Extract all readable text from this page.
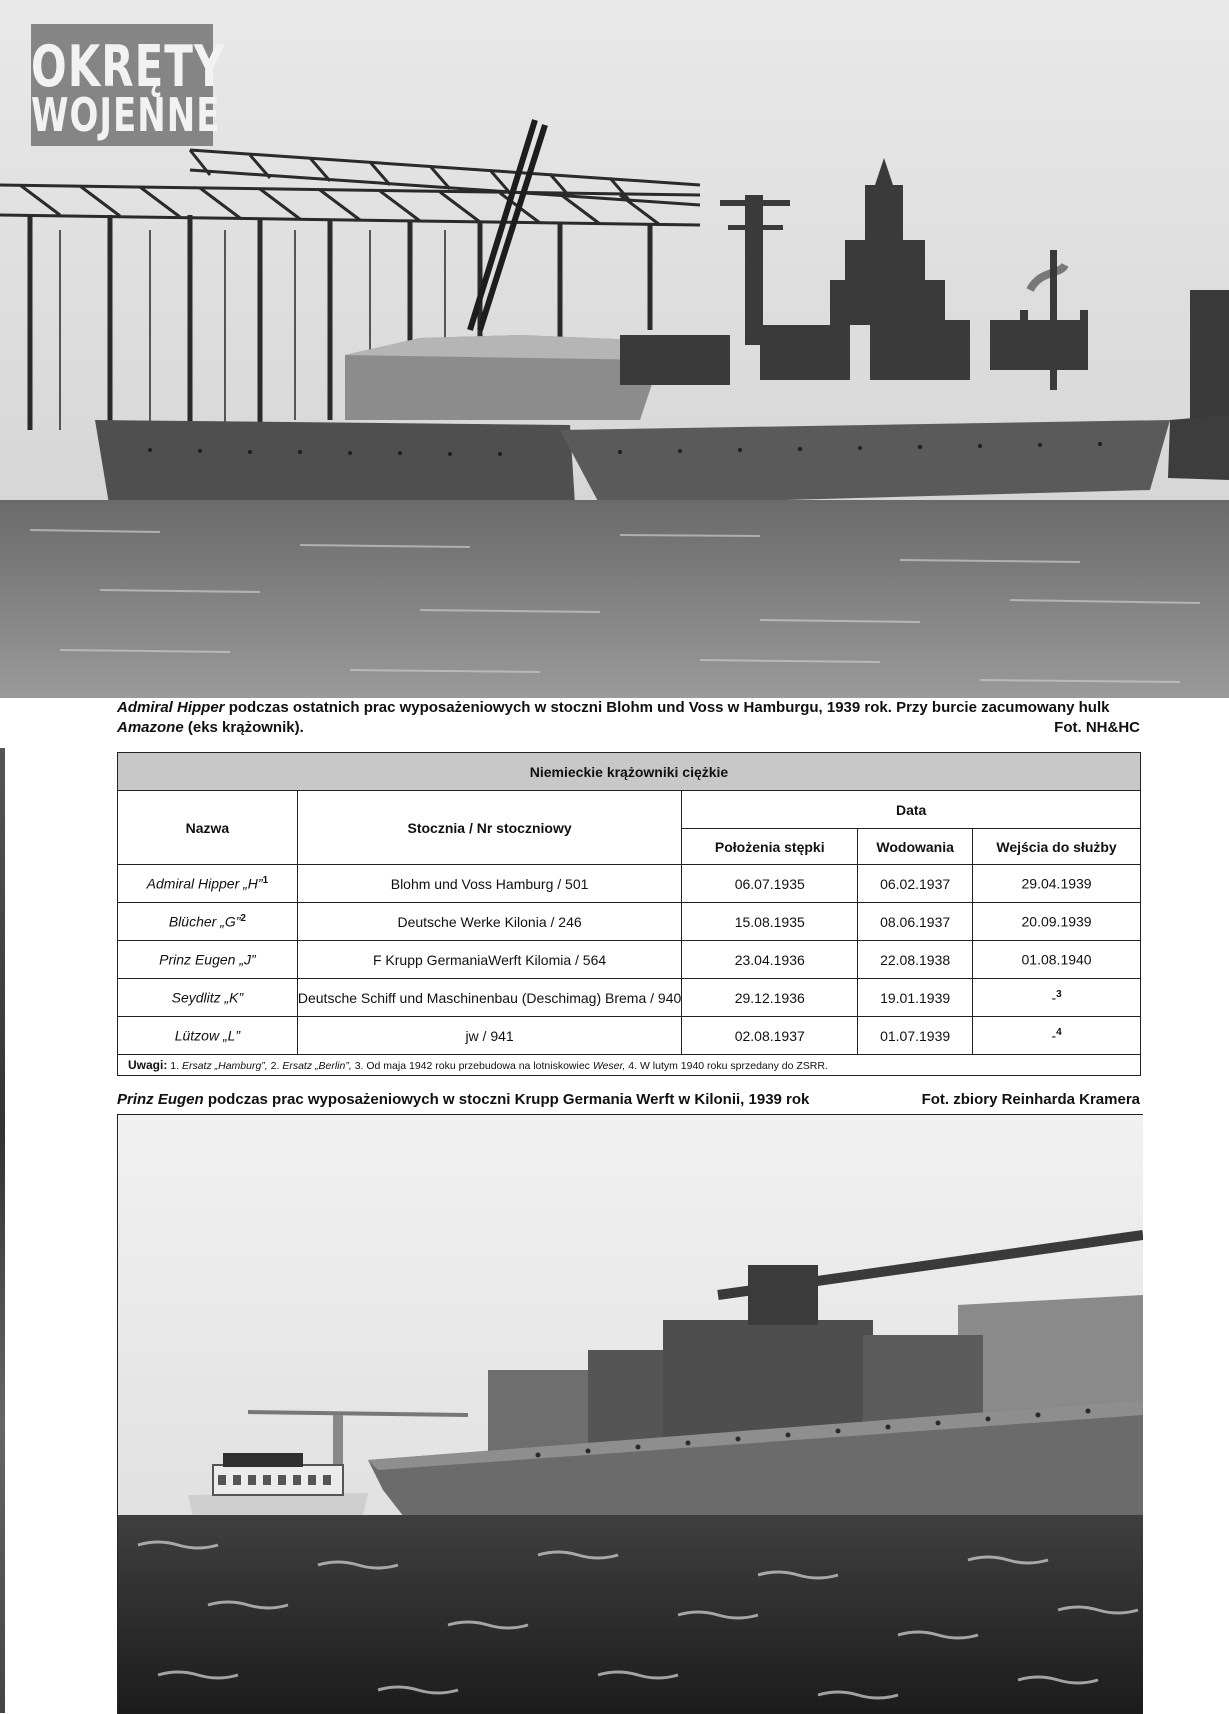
OKRĘTY
WOJENNE
Admiral Hipper podczas ostatnich prac wyposażeniowych w stoczni Blohm und Voss w Hamburgu, 1939 rok. Przy burcie zacumowany hulk
Amazone (eks krążownik).	Fot. NH&HC
Niemieckie krążowniki ciężkie				
Nazwa	Stocznia / Nr stoczniowy	Data		
		Położenia stępki	Wodowania	Wejścia do służby
Admiral Hipper „H”$^1$	Blohm und Voss Hamburg / 501	06.07.1935	06.02.1937	29.04.1939
Blücher „G”$^2$	Deutsche Werke Kilonia / 246	15.08.1935	08.06.1937	20.09.1939
Prinz Eugen „J”	F Krupp GermaniaWerft Kilomia / 564	23.04.1936	22.08.1938	01.08.1940
Seydlitz „K”	Deutsche Schiff und Maschinenbau (Deschimag) Brema / 940	29.12.1936	19.01.1939	-$^3$
Lützow „L”	jw / 941	02.08.1937	01.07.1939	-$^4$
Uwagi: 1. Ersatz „Hamburg”, 2. Ersatz „Berlin”, 3. Od maja 1942 roku przebudowa na lotniskowiec Weser, 4. W lutym 1940 roku sprzedany do ZSRR.				
Prinz Eugen podczas prac wyposażeniowych w stoczni Krupp Germania Werft w Kilonii, 1939 rok	Fot. zbiory Reinharda Kramera
